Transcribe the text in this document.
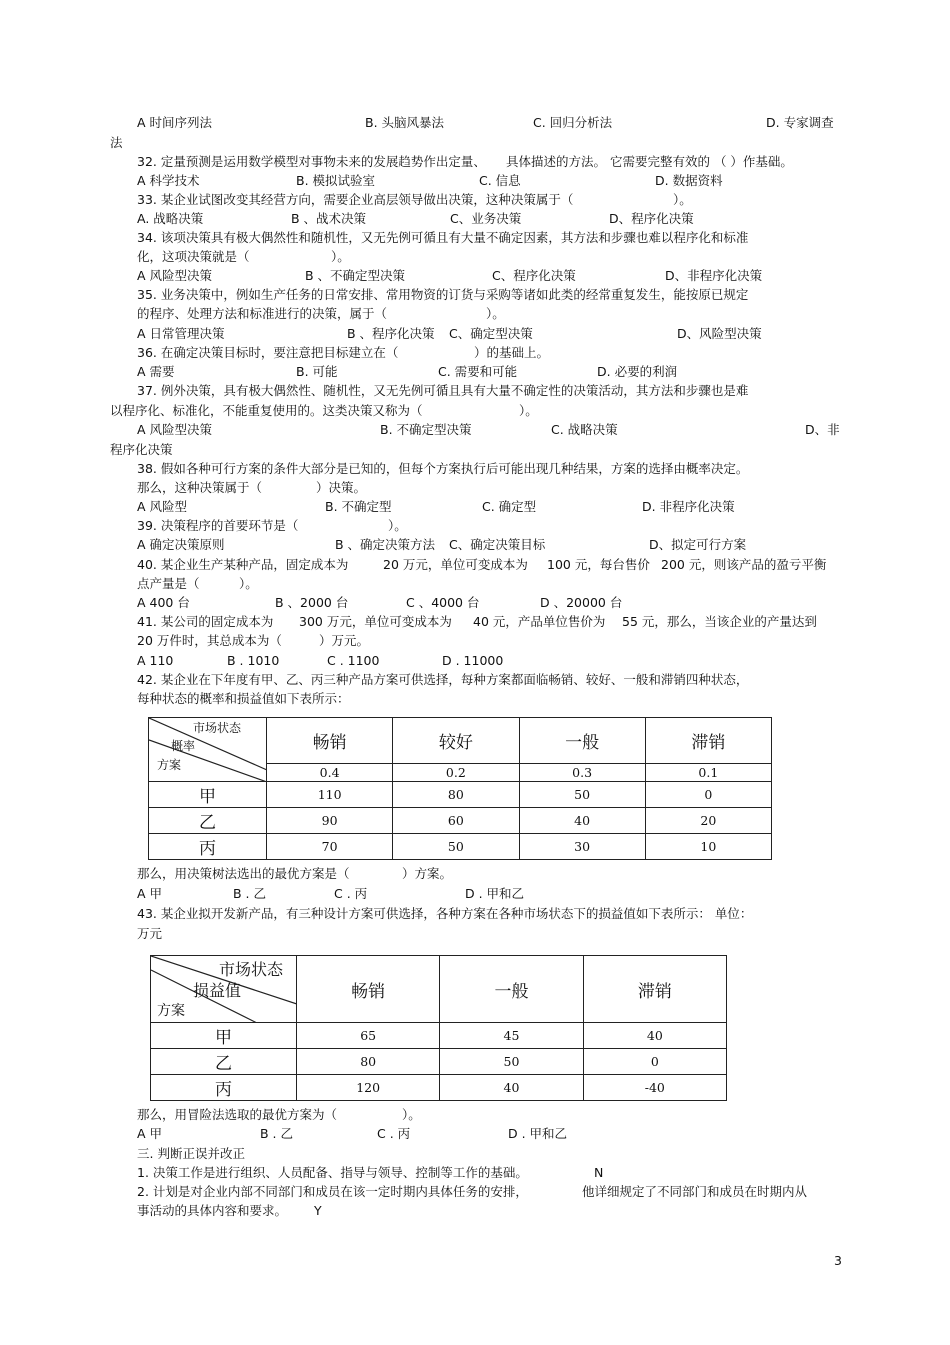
A 时间序列法	B. 头脑风暴法	C. 回归分析法	D. 专家调查
法
32. 定量预测是运用数学模型对事物未来的发展趋势作出定量、 具体描述的方法。 它需要完整有效的 （ ）作基础。
A 科学技术	B. 模拟试验室	C. 信息	D. 数据资料
33. 某企业试图改变其经营方向，需要企业高层领导做出决策，这种决策属于（	）。
A. 战略决策	B 、战术决策	C、业务决策	D、程序化决策
34. 该项决策具有极大偶然性和随机性，又无先例可循且有大量不确定因素，其方法和步骤也难以程序化和标准
化，这项决策就是（	）。
A 风险型决策	B 、不确定型决策	C、程序化决策	D、非程序化决策
35. 业务决策中，例如生产任务的日常安排、常用物资的订货与采购等诸如此类的经常重复发生，能按原已规定
的程序、处理方法和标准进行的决策，属于（	）。
A 日常管理决策	B 、程序化决策 C、确定型决策	D、风险型决策
36. 在确定决策目标时，要注意把目标建立在（	）的基础上。
A 需要	B. 可能	C. 需要和可能	D. 必要的利润
37. 例外决策，具有极大偶然性、随机性，又无先例可循且具有大量不确定性的决策活动，其方法和步骤也是难
以程序化、标准化，不能重复使用的。这类决策又称为（	）。
A 风险型决策	B. 不确定型决策	C. 战略决策	D、非
程序化决策
38. 假如各种可行方案的条件大部分是已知的，但每个方案执行后可能出现几种结果，方案的选择由概率决定。
那么，这种决策属于（	）决策。
A 风险型	B. 不确定型	C. 确定型	D. 非程序化决策
39. 决策程序的首要环节是（	）。
A 确定决策原则	B 、确定决策方法 C、确定决策目标	D、拟定可行方案
40. 某企业生产某种产品，固定成本为	20 万元，单位可变成本为 100 元，每台售价 200 元，则该产品的盈亏平衡
点产量是（	）。
A 400 台	B 、2000 台	C 、4000 台	D 、20000 台
41. 某公司的固定成本为 300 万元，单位可变成本为 40 元，产品单位售价为 55 元，那么，当该企业的产量达到
20 万件时，其总成本为（	）万元。
A 110	B . 1010	C . 1100	D . 11000
42. 某企业在下年度有甲、乙、丙三种产品方案可供选择，每种方案都面临畅销、较好、一般和滞销四种状态，
每种状态的概率和损益值如下表所示：
市场状态
概率
方案	畅销	较好	一般	滞销
	0.4	0.2	0.3	0.1
甲	110	80	50	0
乙	90	60	40	20
丙	70	50	30	10
那么，用决策树法选出的最优方案是（	）方案。
A 甲	B . 乙	C . 丙	D . 甲和乙
43. 某企业拟开发新产品，有三种设计方案可供选择，各种方案在各种市场状态下的损益值如下表所示： 单位：
万元
市场状态
损益值
方案	畅销	一般	滞销
甲	65	45	40
乙	80	50	0
丙	120	40	-40
那么，用冒险法选取的最优方案为（	）。
A 甲	B . 乙	C . 丙	D . 甲和乙
三. 判断正误并改正
1. 决策工作是进行组织、人员配备、指导与领导、控制等工作的基础。	N
2. 计划是对企业内部不同部门和成员在该一定时期内具体任务的安排，	他详细规定了不同部门和成员在时期内从
事活动的具体内容和要求。 Y
3
